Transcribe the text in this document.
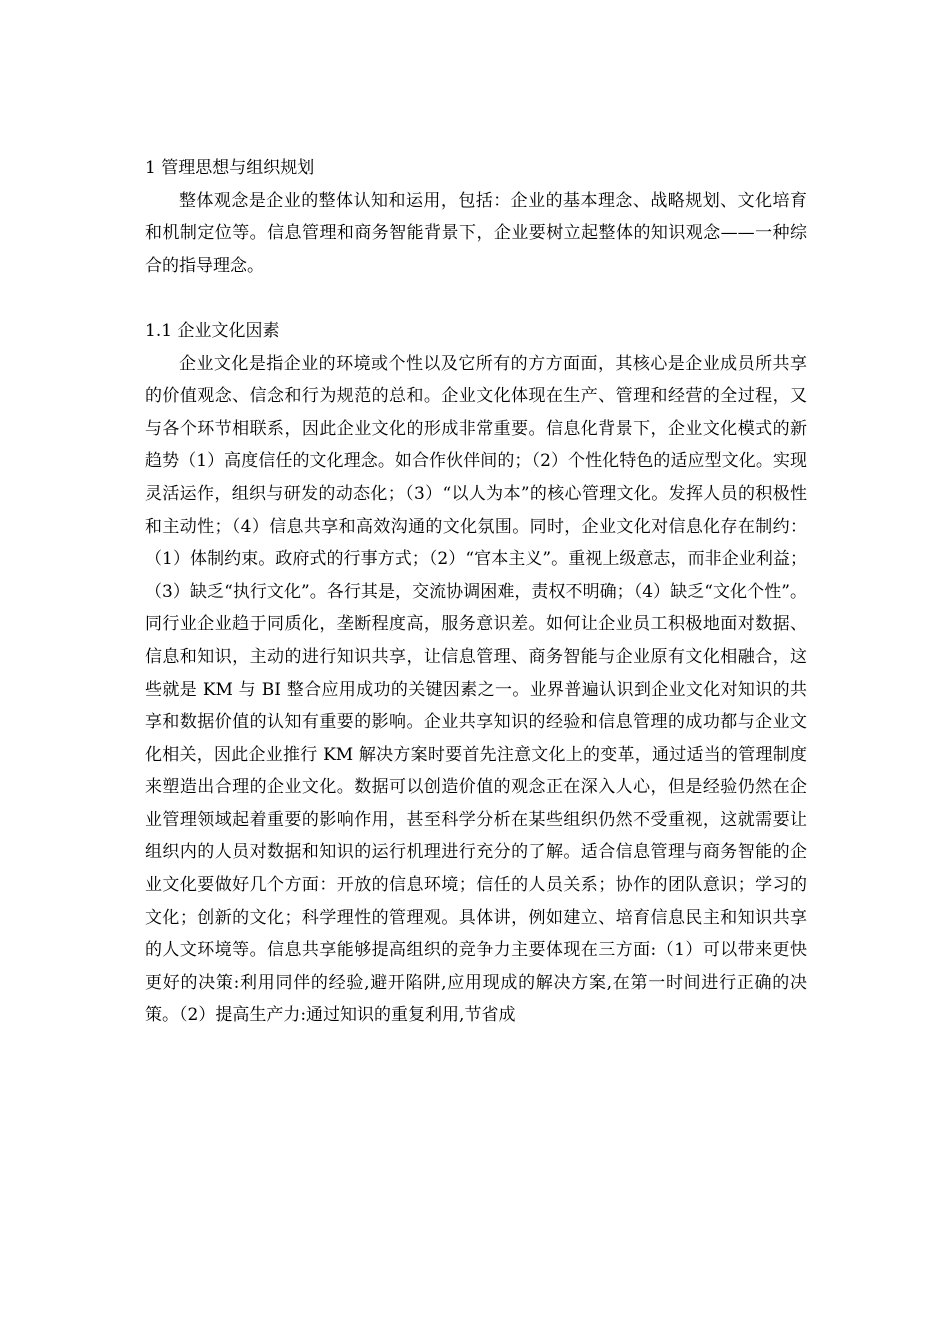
1 管理思想与组织规划

整体观念是企业的整体认知和运用，包括：企业的基本理念、战略规划、文化培育和机制定位等。信息管理和商务智能背景下，企业要树立起整体的知识观念——一种综合的指导理念。

1.1 企业文化因素

企业文化是指企业的环境或个性以及它所有的方方面面，其核心是企业成员所共享的价值观念、信念和行为规范的总和。企业文化体现在生产、管理和经营的全过程，又与各个环节相联系，因此企业文化的形成非常重要。信息化背景下，企业文化模式的新趋势（1）高度信任的文化理念。如合作伙伴间的；（2）个性化特色的适应型文化。实现灵活运作，组织与研发的动态化；（3）“以人为本”的核心管理文化。发挥人员的积极性和主动性；（4）信息共享和高效沟通的文化氛围。同时，企业文化对信息化存在制约：（1）体制约束。政府式的行事方式；（2）“官本主义”。重视上级意志，而非企业利益；（3）缺乏“执行文化”。各行其是，交流协调困难，责权不明确；（4）缺乏“文化个性”。同行业企业趋于同质化，垄断程度高，服务意识差。如何让企业员工积极地面对数据、信息和知识，主动的进行知识共享，让信息管理、商务智能与企业原有文化相融合，这些就是 KM 与 BI 整合应用成功的关键因素之一。业界普遍认识到企业文化对知识的共享和数据价值的认知有重要的影响。企业共享知识的经验和信息管理的成功都与企业文化相关，因此企业推行 KM 解决方案时要首先注意文化上的变革，通过适当的管理制度来塑造出合理的企业文化。数据可以创造价值的观念正在深入人心，但是经验仍然在企业管理领域起着重要的影响作用，甚至科学分析在某些组织仍然不受重视，这就需要让组织内的人员对数据和知识的运行机理进行充分的了解。适合信息管理与商务智能的企业文化要做好几个方面：开放的信息环境；信任的人员关系；协作的团队意识；学习的文化；创新的文化；科学理性的管理观。具体讲，例如建立、培育信息民主和知识共享的人文环境等。信息共享能够提高组织的竞争力主要体现在三方面:（1）可以带来更快更好的决策:利用同伴的经验,避开陷阱,应用现成的解决方案,在第一时间进行正确的决策。（2）提高生产力:通过知识的重复利用,节省成
